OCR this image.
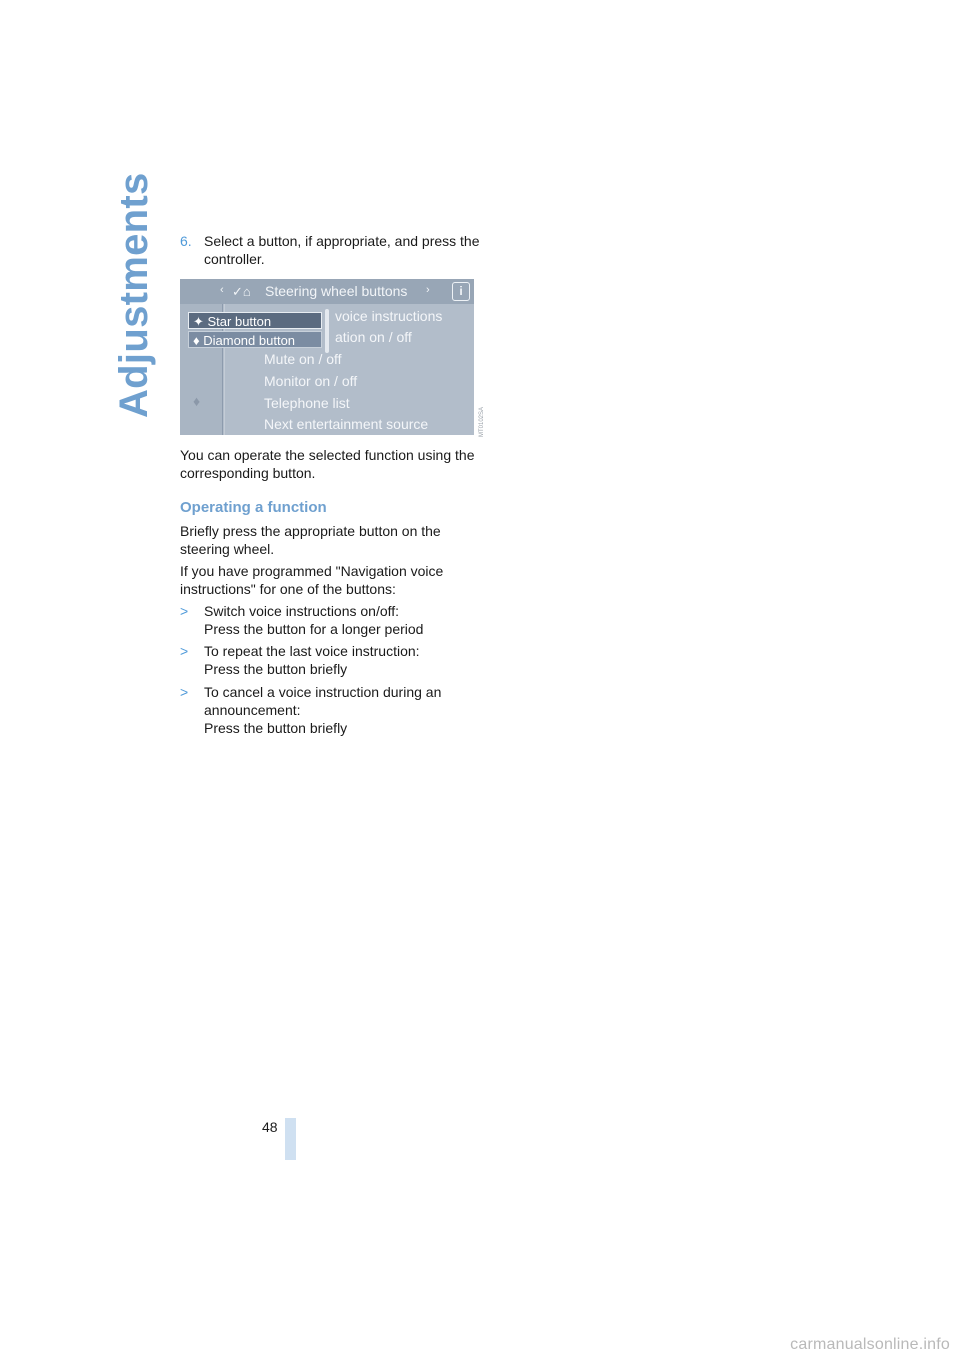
Adjustments 6. Select a button, if appropriate, and press the controller.
‹ ✓⌂ Steering wheel buttons ›	i
♦
voice instructions
ation on / off
Mute on / off
Monitor on / off
Telephone list
Next entertainment source
✦ Star button
♦ Diamond button
MT0102SA
You can operate the selected function using the corresponding button.
Operating a function
Briefly press the appropriate button on the steering wheel.
If you have programmed "Navigation voice instructions" for one of the buttons:
> Switch voice instructions on/off:
Press the button for a longer period
> To repeat the last voice instruction:
Press the button briefly
> To cancel a voice instruction during an
announcement:
Press the button briefly
48
carmanualsonline.info
